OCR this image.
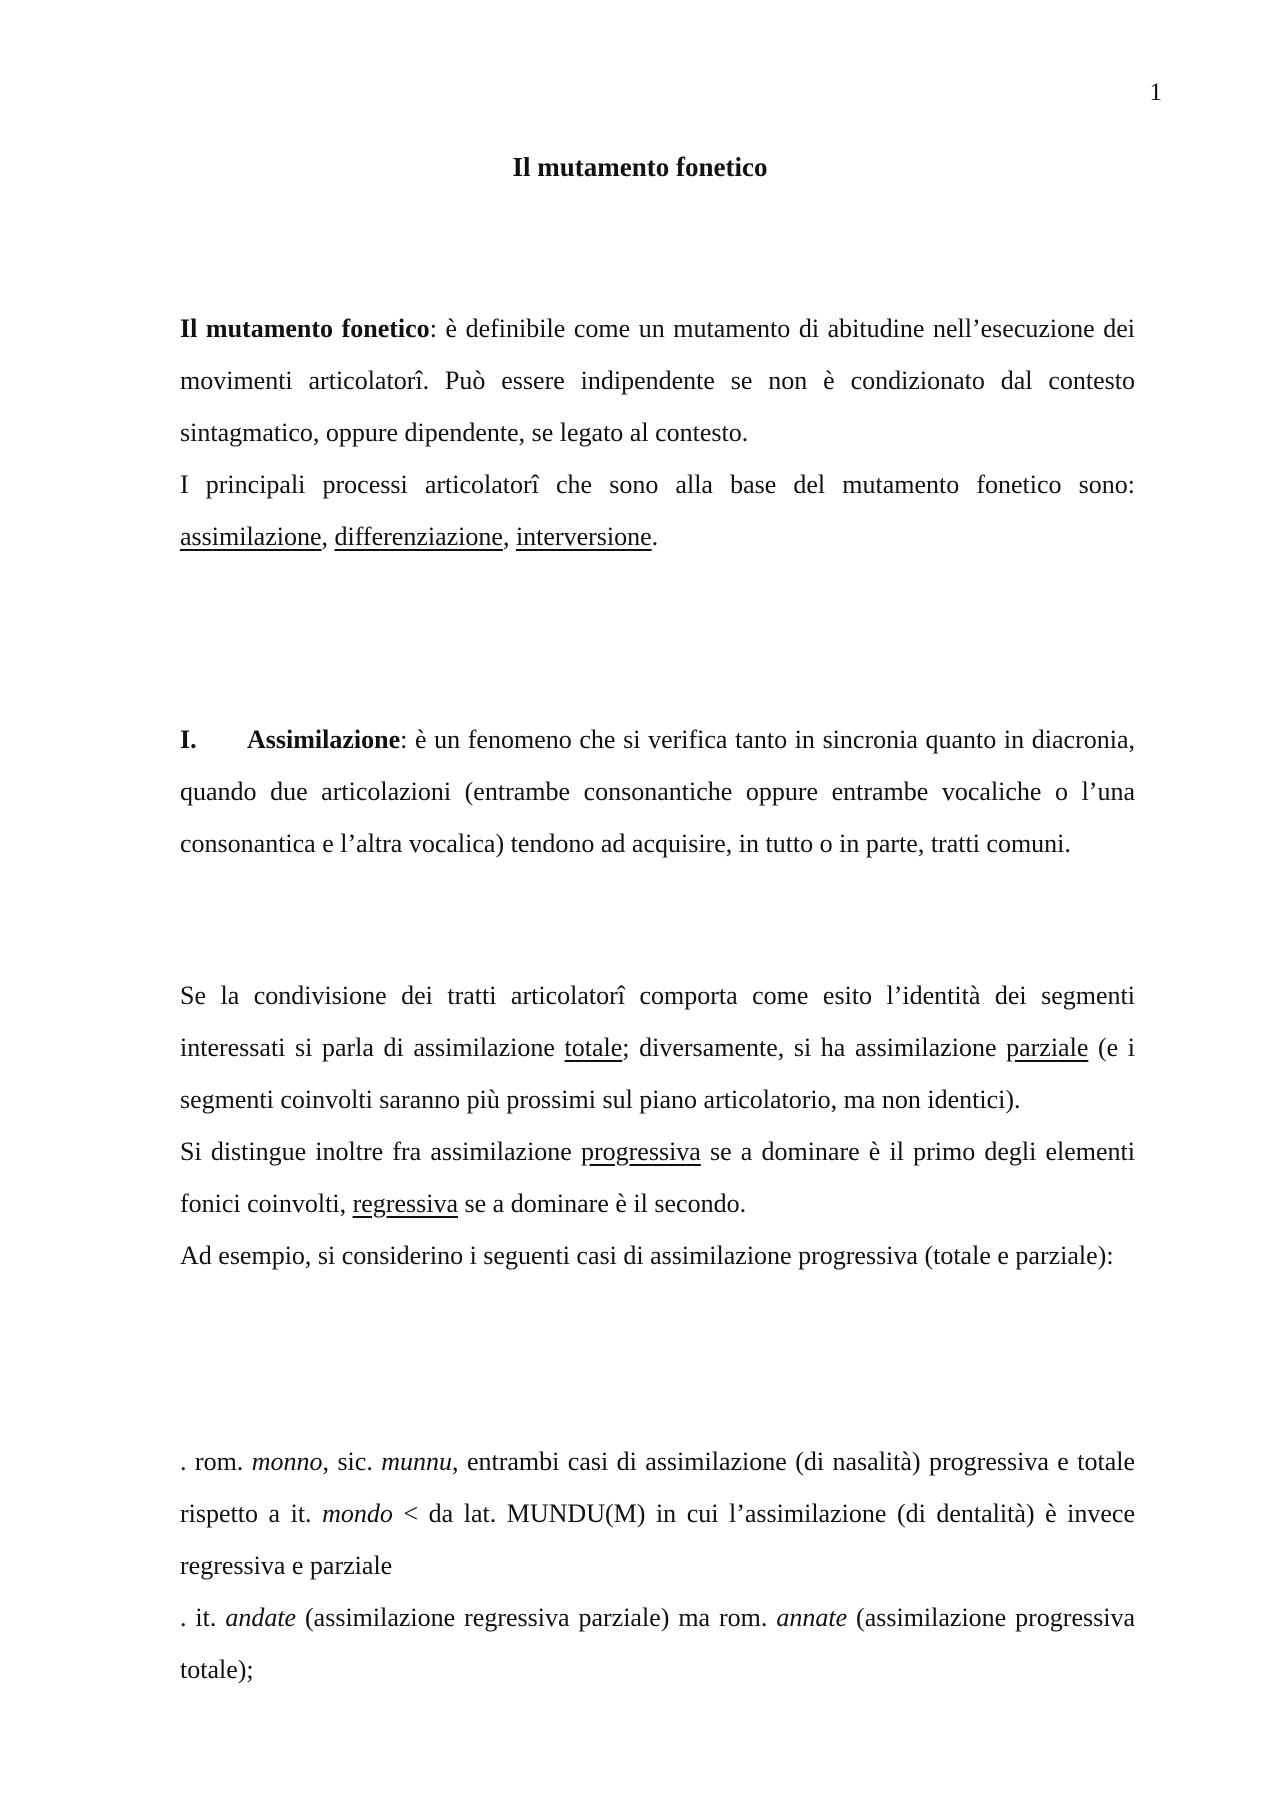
1
Il mutamento fonetico

Il mutamento fonetico: è definibile come un mutamento di abitudine nell’esecuzione dei movimenti articolatorî. Può essere indipendente se non è condizionato dal contesto sintagmatico, oppure dipendente, se legato al contesto.

I principali processi articolatorî che sono alla base del mutamento fonetico sono: assimilazione, differenziazione, interversione.

I. Assimilazione: è un fenomeno che si verifica tanto in sincronia quanto in diacronia, quando due articolazioni (entrambe consonantiche oppure entrambe vocaliche o l’una consonantica e l’altra vocalica) tendono ad acquisire, in tutto o in parte, tratti comuni.

Se la condivisione dei tratti articolatorî comporta come esito l’identità dei segmenti interessati si parla di assimilazione totale; diversamente, si ha assimilazione parziale (e i segmenti coinvolti saranno più prossimi sul piano articolatorio, ma non identici).

Si distingue inoltre fra assimilazione progressiva se a dominare è il primo degli elementi fonici coinvolti, regressiva se a dominare è il secondo.

Ad esempio, si considerino i seguenti casi di assimilazione progressiva (totale e parziale):

. rom. monno, sic. munnu, entrambi casi di assimilazione (di nasalità) progressiva e totale rispetto a it. mondo < da lat. MUNDU(M) in cui l’assimilazione (di dentalità) è invece regressiva e parziale

. it. andate (assimilazione regressiva parziale) ma rom. annate (assimilazione progressiva totale);
